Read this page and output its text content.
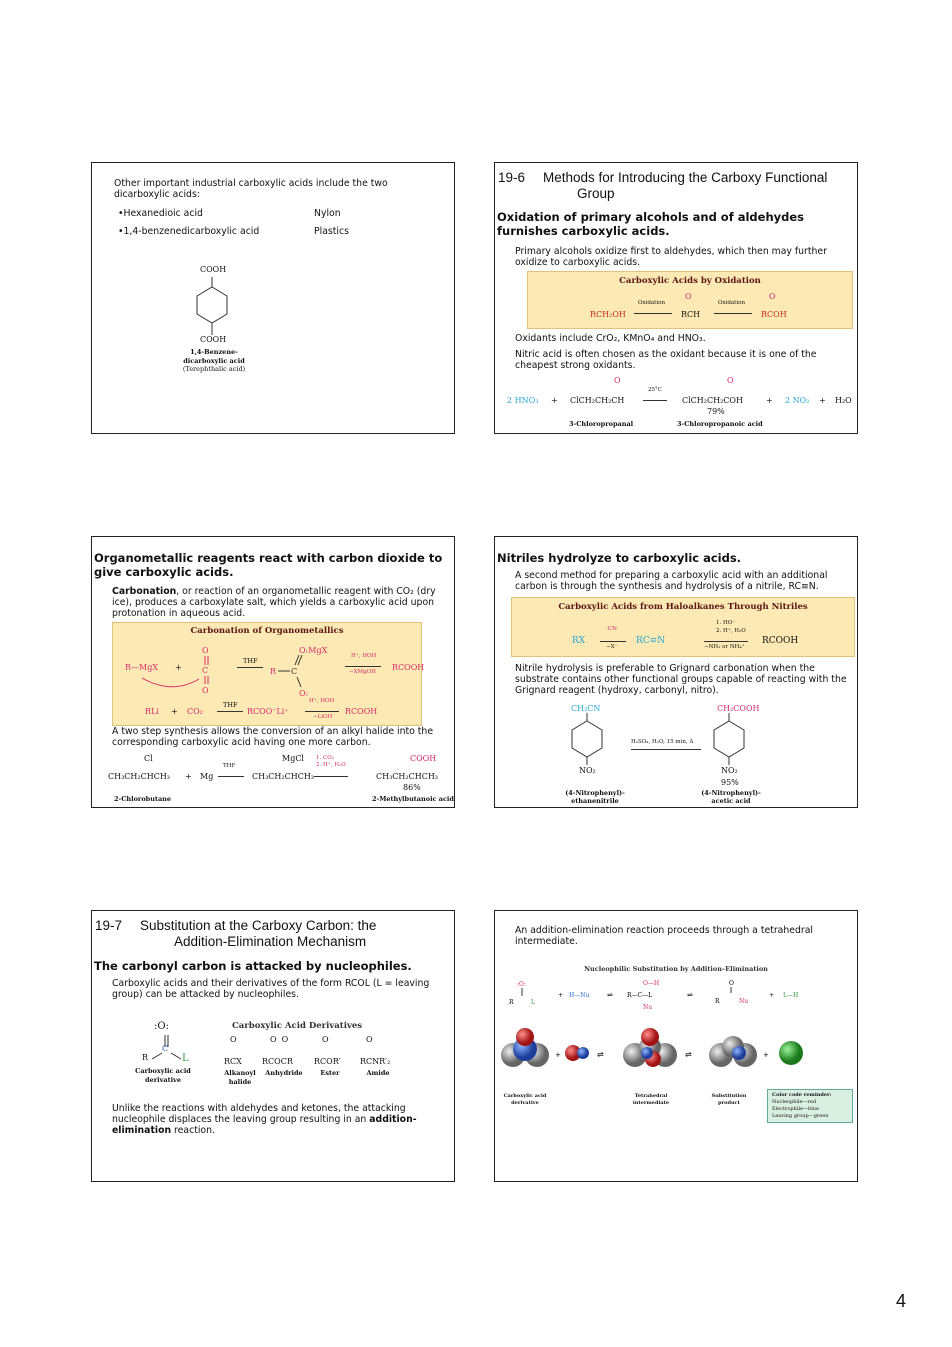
Other important industrial carboxylic acids include the two dicarboxylic acids:
•Hexanedioic acid	Nylon
•1,4-benzenedicarboxylic acid	Plastics
COOH
COOH
1,4-Benzene-
dicarboxylic acid
(Terephthalic acid)
19-6 Methods for Introducing the Carboxy Functional
Group
Oxidation of primary alcohols and of aldehydes furnishes carboxylic acids.
Primary alcohols oxidize first to aldehydes, which then may further oxidize to carboxylic acids.
Carboxylic Acids by Oxidation
RCH₂OH
Oxidation
O
RCH
Oxidation
O
RCOH
Oxidants include CrO₂, KMnO₄ and HNO₃.
Nitric acid is often chosen as the oxidant because it is one of the cheapest strong oxidants.
O	O
2 HNO₃ + ClCH₂CH₂CH
25°C
ClCH₂CH₂COH	+ 2 NO₂ + H₂O
79%
3-Chloropropanal	3-Chloropropanoic acid
Organometallic reagents react with carbon dioxide to give carboxylic acids.
Carbonation, or reaction of an organometallic reagent with CO₂ (dry ice), produces a carboxylate salt, which yields a carboxylic acid upon protonation in aqueous acid.
Carbonation of Organometallics
R—MgX +
O
C
O
THF
R C
O:MgX
O:
H⁺, HOH
−XMgOH RCOOH
RLi + CO₂
THF
RCOO⁻Li⁺
H⁺, HOH
−LiOH
RCOOH
A two step synthesis allows the conversion of an alkyl halide into the corresponding carboxylic acid having one more carbon.
Cl
CH₃CH₂CHCH₃ + Mg
THF
MgCl
CH₃CH₂CHCH₃
1. CO₂
2. H⁺, H₂O
COOH
CH₃CH₂CHCH₃
86%
2-Chlorobutane	2-Methylbutanoic acid
Nitriles hydrolyze to carboxylic acids.
A second method for preparing a carboxylic acid with an additional carbon is through the synthesis and hydrolysis of a nitrile, RC≡N.
Carboxylic Acids from Haloalkanes Through Nitriles
RX
⁻CN
−X⁻
RC≡N
1. HO⁻
2. H⁺, H₂O
−NH₃ or NH₄⁺
RCOOH
Nitrile hydrolysis is preferable to Grignard carbonation when the substrate contains other functional groups capable of reacting with the Grignard reagent (hydroxy, carbonyl, nitro).
CH₂CN
H₂SO₄, H₂O, 15 min, Δ
CH₂COOH
NO₂	NO₂
95%
(4-Nitrophenyl)-
ethanenitrile
(4-Nitrophenyl)-
acetic acid
19-7 Substitution at the Carboxy Carbon: the
Addition-Elimination Mechanism
The carbonyl carbon is attacked by nucleophiles.
Carboxylic acids and their derivatives of the form RCOL (L = leaving group) can be attacked by nucleophiles.
Carboxylic Acid Derivatives
:O:
C
R	L
Carboxylic acid
derivative
O	O  O	O	O
RCX	RCOCR	RCOR′ RCNR′₂
Alkanoyl
halide
Anhydride	Ester	Amide
Unlike the reactions with aldehydes and ketones, the attacking nucleophile displaces the leaving group resulting in an addition-elimination reaction.
An addition-elimination reaction proceeds through a tetrahedral intermediate.
Nucleophilic Substitution by Addition–Elimination
:O:
R	L
+ H—Nu	⇌
O—H
R—C—L
Nu
⇌
O
R	Nu
+ L—H
+	⇌	⇌	+
Carboxylic acid
derivative
Tetrahedral
intermediate
Substitution
product
Color code reminder:
Nucleophile—red
Electrophile—blue
Leaving group—green
4
